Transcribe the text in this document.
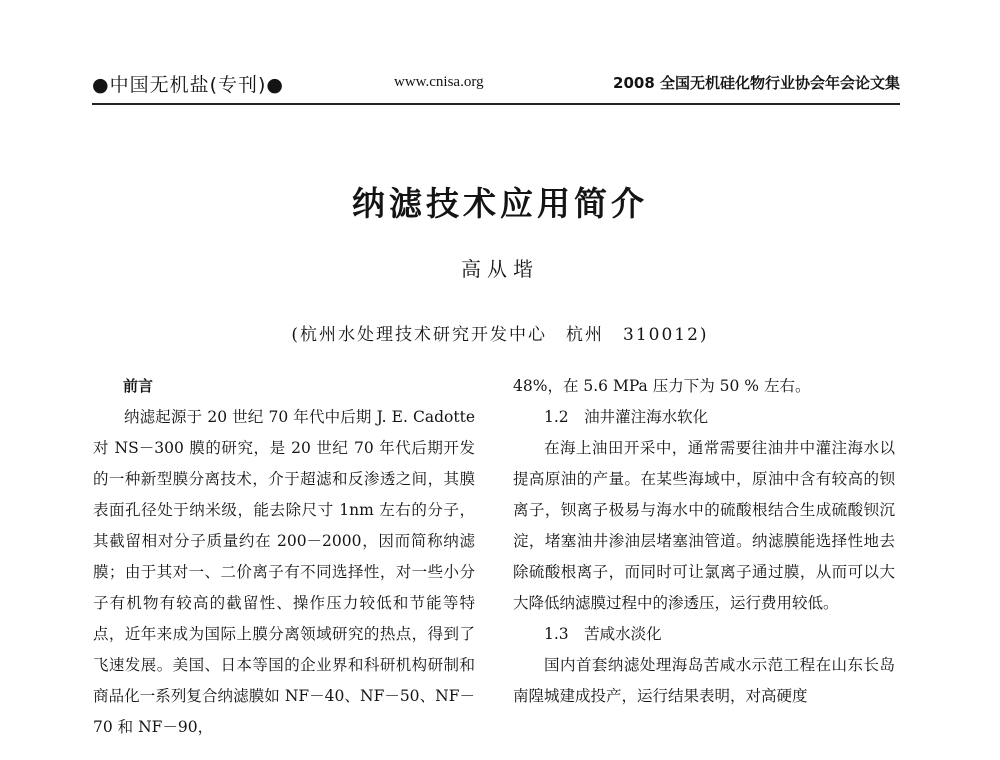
●中国无机盐(专刊)●	www.cnisa.org	2008 全国无机硅化物行业协会年会论文集
纳滤技术应用简介
高从堦
(杭州水处理技术研究开发中心　杭州　310012)
前言

纳滤起源于 20 世纪 70 年代中后期 J. E. Cadotte 对 NS－300 膜的研究，是 20 世纪 70 年代后期开发的一种新型膜分离技术，介于超滤和反渗透之间，其膜表面孔径处于纳米级，能去除尺寸 1nm 左右的分子，其截留相对分子质量约在 200－2000，因而简称纳滤膜；由于其对一、二价离子有不同选择性，对一些小分子有机物有较高的截留性、操作压力较低和节能等特点，近年来成为国际上膜分离领域研究的热点，得到了飞速发展。美国、日本等国的企业界和科研机构研制和商品化一系列复合纳滤膜如 NF－40、NF－50、NF－70 和 NF－90，

48%，在 5.6 MPa 压力下为 50 % 左右。

1.2　油井灌注海水软化

在海上油田开采中，通常需要往油井中灌注海水以提高原油的产量。在某些海域中，原油中含有较高的钡离子，钡离子极易与海水中的硫酸根结合生成硫酸钡沉淀，堵塞油井渗油层堵塞油管道。纳滤膜能选择性地去除硫酸根离子，而同时可让氯离子通过膜，从而可以大大降低纳滤膜过程中的渗透压，运行费用较低。

1.3　苦咸水淡化

国内首套纳滤处理海岛苦咸水示范工程在山东长岛南隍城建成投产，运行结果表明，对高硬度
